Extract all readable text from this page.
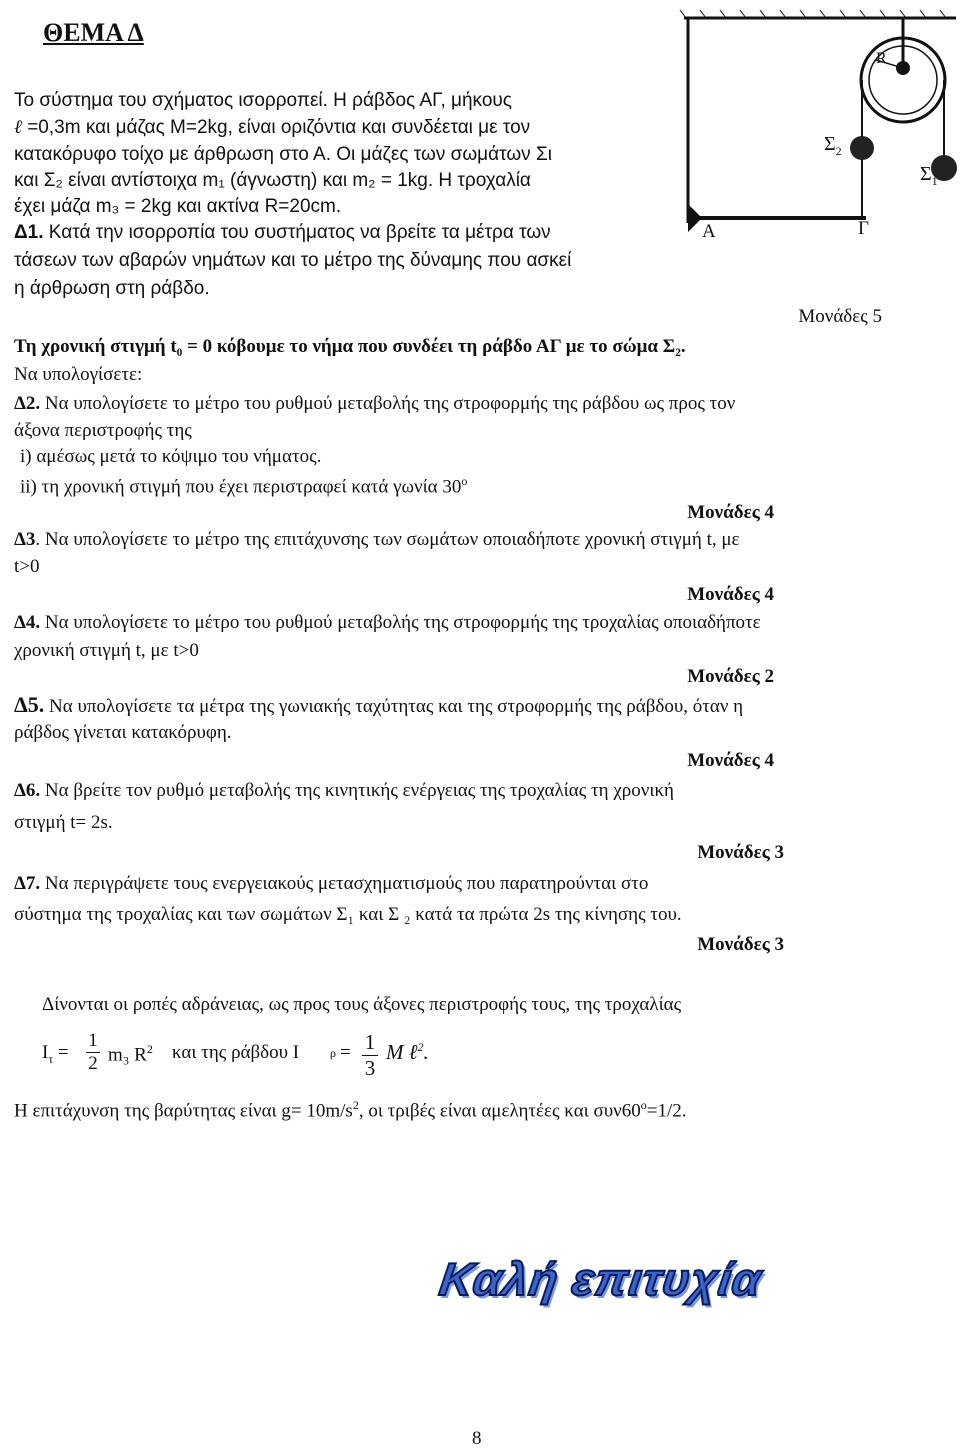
ΘΕΜΑ Δ
R
$\Sigma_2$
$\Sigma_1$
Α	Γ
Το σύστημα του σχήματος ισορροπεί. Η ράβδος ΑΓ, μήκους
ℓ =0,3m και μάζας M=2kg, είναι οριζόντια και συνδέεται με τον
κατακόρυφο τοίχο με άρθρωση στο Α. Οι μάζες των σωμάτων Σι
και Σ₂ είναι αντίστοιχα m₁ (άγνωστη) και m₂ = 1kg. Η τροχαλία
έχει μάζα m₃ = 2kg και ακτίνα R=20cm.
Δ1. Κατά την ισορροπία του συστήματος να βρείτε τα μέτρα των
τάσεων των αβαρών νημάτων και το μέτρο της δύναμης που ασκεί
η άρθρωση στη ράβδο.
Μονάδες 5
Τη χρονική στιγμή t₀ = 0 κόβουμε το νήμα που συνδέει τη ράβδο ΑΓ με το σώμα Σ₂.
Να υπολογίσετε:
Δ2. Να υπολογίσετε το μέτρο του ρυθμού μεταβολής της στροφορμής της ράβδου ως προς τον
άξονα περιστροφής της
i) αμέσως μετά το κόψιμο του νήματος.
ii) τη χρονική στιγμή που έχει περιστραφεί κατά γωνία $30^o$
Μονάδες 4
Δ3. Να υπολογίσετε το μέτρο της επιτάχυνσης των σωμάτων οποιαδήποτε χρονική στιγμή t, με
t>0
Μονάδες 4
Δ4. Να υπολογίσετε το μέτρο του ρυθμού μεταβολής της στροφορμής της τροχαλίας οποιαδήποτε
χρονική στιγμή t, με t>0
Μονάδες 2
Δ5. Να υπολογίσετε τα μέτρα της γωνιακής ταχύτητας και της στροφορμής της ράβδου, όταν η
ράβδος γίνεται κατακόρυφη.
Μονάδες 4
Δ6. Να βρείτε τον ρυθμό μεταβολής της κινητικής ενέργειας της τροχαλίας τη χρονική
στιγμή t= 2s.
Μονάδες 3
Δ7. Να περιγράψετε τους ενεργειακούς μετασχηματισμούς που παρατηρούνται στο
σύστημα της τροχαλίας και των σωμάτων Σ₁ και Σ ₂ κατά τα πρώτα 2s της κίνησης του.
Μονάδες 3
Δίνονται οι ροπές αδράνειας, ως προς τους άξονες περιστροφής τους, της τροχαλίας
$I_\tau$ =
1
2 m₃ $R^2$ και της ράβδου I	ρ = 1
3
M ℓ$^2$.
Η επιτάχυνση της βαρύτητας είναι $g= 10m/s^2$, οι τριβές είναι αμελητέες και $\sigma\upsilon\nu 60^o=1/2$.
Καλή επιτυχία
8
